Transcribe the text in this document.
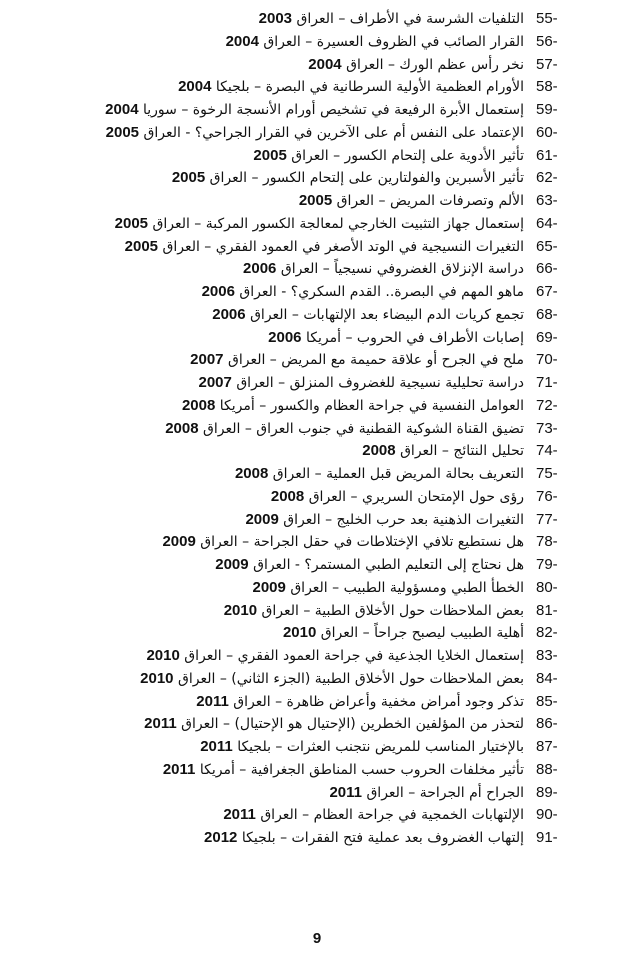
التلفيات الشرسة في الأطراف – العراق 2003	55-
القرار الصائب في الظروف العسيرة – العراق 2004	56-
نخر رأس عظم الورك – العراق 2004	57-
الأورام العظمية الأولية السرطانية في البصرة – بلجيكا 2004	58-
إستعمال الأبرة الرفيعة في تشخيص أورام الأنسجة الرخوة – سوريا 2004	59-
الإعتماد على النفس أم على الآخرين في القرار الجراحي؟ - العراق 2005	60-
تأثير الأدوية على إلتحام الكسور – العراق 2005	61-
تأثير الأسبرين والفولتارين على إلتحام الكسور – العراق 2005	62-
الألم وتصرفات المريض – العراق 2005	63-
إستعمال جهاز التثبيت الخارجي لمعالجة الكسور المركبة – العراق 2005	64-
التغيرات النسيجية في الوتد الأصغر في العمود الفقري – العراق 2005	65-
دراسة الإنزلاق الغضروفي نسيجياً – العراق 2006	66-
ماهو المهم في البصرة.. القدم السكري؟ - العراق 2006	67-
تجمع كريات الدم البيضاء بعد الإلتهابات – العراق 2006	68-
إصابات الأطراف في الحروب – أمريكا 2006	69-
ملح في الجرح أو علاقة حميمة مع المريض – العراق 2007	70-
دراسة تحليلية نسيجية للغضروف المنزلق – العراق 2007	71-
العوامل النفسية في جراحة العظام والكسور – أمريكا 2008	72-
تضيق القناة الشوكية القطنية في جنوب العراق – العراق 2008	73-
تحليل النتائج – العراق 2008	74-
التعريف بحالة المريض قبل العملية – العراق 2008	75-
رؤى حول الإمتحان السريري – العراق 2008	76-
التغيرات الذهنية بعد حرب الخليج – العراق 2009	77-
هل نستطيع تلافي الإختلاطات في حقل الجراحة – العراق 2009	78-
هل نحتاج إلى التعليم الطبي المستمر؟ - العراق 2009	79-
الخطأ الطبي ومسؤولية الطبيب – العراق 2009	80-
بعض الملاحظات حول الأخلاق الطبية – العراق 2010	81-
أهلية الطبيب ليصبح جراحاً – العراق 2010	82-
إستعمال الخلايا الجذعية في جراحة العمود الفقري – العراق 2010	83-
بعض الملاحظات حول الأخلاق الطبية (الجزء الثاني) – العراق 2010	84-
تذكر وجود أمراض مخفية وأعراض ظاهرة – العراق 2011	85-
لتحذر من المؤلفين الخطرين (الإحتيال هو الإحتيال) – العراق 2011	86-
بالإختيار المناسب للمريض نتجنب العثرات – بلجيكا 2011	87-
تأثير مخلفات الحروب حسب المناطق الجغرافية – أمريكا 2011	88-
الجراح أم الجراحة – العراق 2011	89-
الإلتهابات الخمجية في جراحة العظام – العراق 2011	90-
إلتهاب الغضروف بعد عملية فتح الفقرات – بلجيكا 2012	91-
9
